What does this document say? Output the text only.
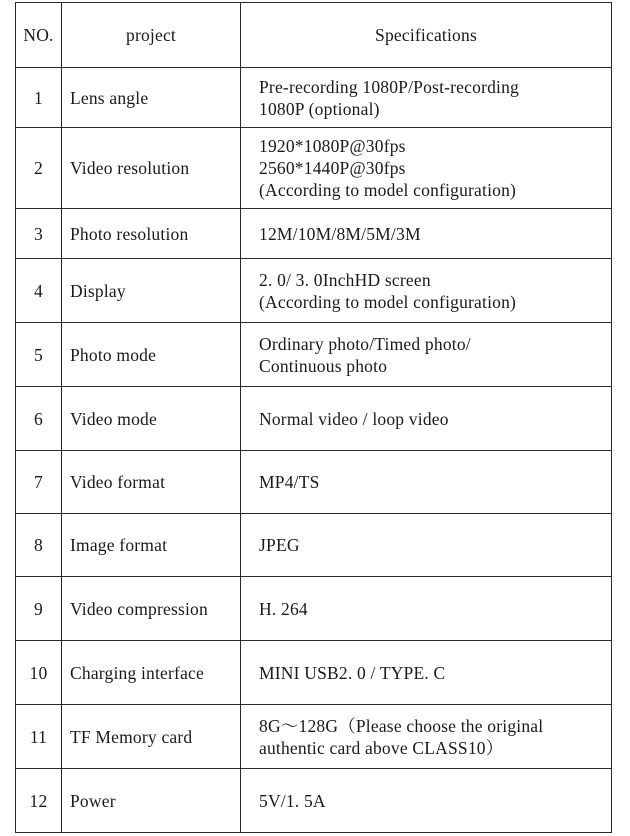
NO.	project	Specifications
1	Lens angle	Pre-recording 1080P/Post-recording
1080P (optional)

2	Video resolution	1920*1080P@30fps
2560*1440P@30fps
(According to model configuration)

3	Photo resolution	12M/10M/8M/5M/3M

4	Display	2. 0/ 3. 0InchHD screen
(According to model configuration)

5	Photo mode	Ordinary photo/Timed photo/
Continuous photo

6	Video mode	Normal video / loop video

7	Video format	MP4/TS

8	Image format	JPEG

9	Video compression	H. 264

10	Charging interface	MINI USB2. 0 / TYPE. C

11	TF Memory card	8G～128G（Please choose the original
authentic card above CLASS10）

12	Power	5V/1. 5A
